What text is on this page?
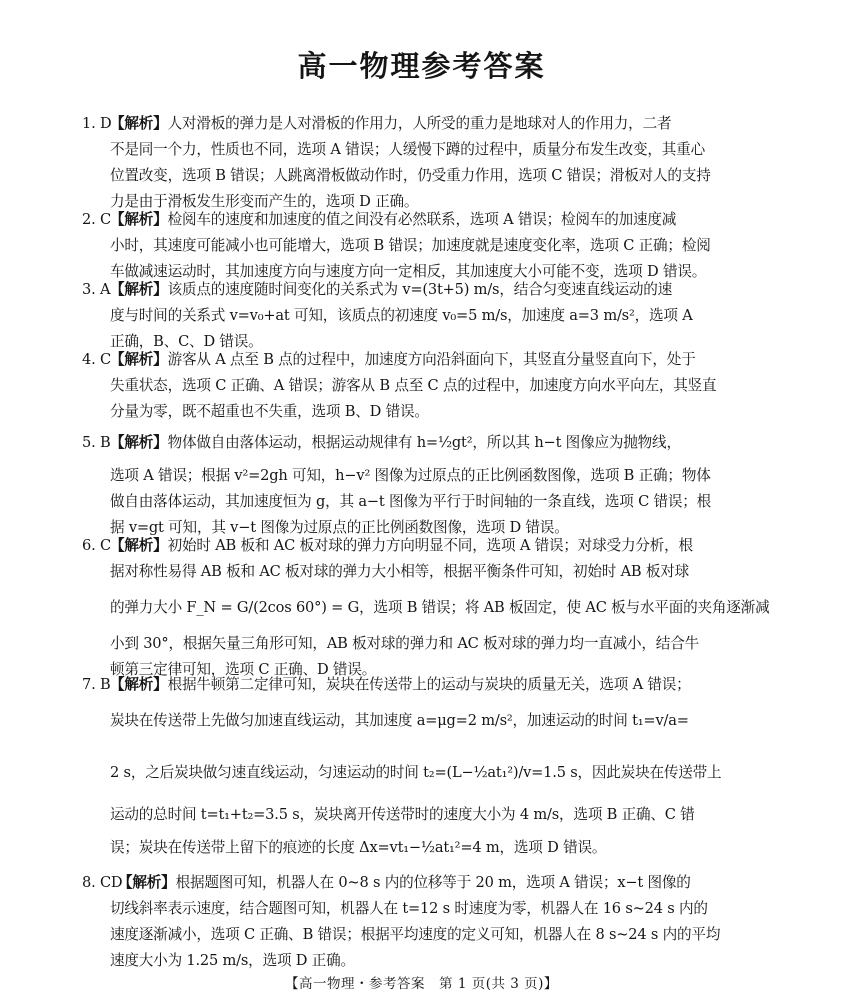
高一物理参考答案
1. D
【解析】人对滑板的弹力是人对滑板的作用力，人所受的重力是地球对人的作用力，二者
不是同一个力，性质也不同，选项 A 错误；人缓慢下蹲的过程中，质量分布发生改变，其重心
位置改变，选项 B 错误；人跳离滑板做动作时，仍受重力作用，选项 C 错误；滑板对人的支持
力是由于滑板发生形变而产生的，选项 D 正确。
2. C 【解析】检阅车的速度和加速度的值之间没有必然联系，选项 A 错误；检阅车的加速度减
小时，其速度可能减小也可能增大，选项 B 错误；加速度就是速度变化率，选项 C 正确；检阅
车做减速运动时，其加速度方向与速度方向一定相反，其加速度大小可能不变，选项 D 错误。
3. A 【解析】该质点的速度随时间变化的关系式为 v=(3t+5) m/s，结合匀变速直线运动的速
度与时间的关系式 v=v₀+at 可知，该质点的初速度 v₀=5 m/s，加速度 a=3 m/s²，选项 A
正确，B、C、D 错误。
4. C 【解析】游客从 A 点至 B 点的过程中，加速度方向沿斜面向下，其竖直分量竖直向下，处于
失重状态，选项 C 正确、A 错误；游客从 B 点至 C 点的过程中，加速度方向水平向左，其竖直
分量为零，既不超重也不失重，选项 B、D 错误。
5. B 【解析】物体做自由落体运动，根据运动规律有 h=½gt²，所以其 h−t 图像应为抛物线，
选项 A 错误；根据 v²=2gh 可知，h−v² 图像为过原点的正比例函数图像，选项 B 正确；物体
做自由落体运动，其加速度恒为 g，其 a−t 图像为平行于时间轴的一条直线，选项 C 错误；根
据 v=gt 可知，其 v−t 图像为过原点的正比例函数图像，选项 D 错误。
6. C 【解析】初始时 AB 板和 AC 板对球的弹力方向明显不同，选项 A 错误；对球受力分析，根
据对称性易得 AB 板和 AC 板对球的弹力大小相等，根据平衡条件可知，初始时 AB 板对球
的弹力大小 F_N = G/(2cos 60°) = G，选项 B 错误；将 AB 板固定，使 AC 板与水平面的夹角逐渐减
小到 30°，根据矢量三角形可知，AB 板对球的弹力和 AC 板对球的弹力均一直减小，结合牛
顿第三定律可知，选项 C 正确、D 错误。
7. B 【解析】根据牛顿第二定律可知，炭块在传送带上的运动与炭块的质量无关，选项 A 错误；
炭块在传送带上先做匀加速直线运动，其加速度 a=μg=2 m/s²，加速运动的时间 t₁=v/a=
2 s，之后炭块做匀速直线运动，匀速运动的时间 t₂=(L−½at₁²)/v=1.5 s，因此炭块在传送带上
运动的总时间 t=t₁+t₂=3.5 s，炭块离开传送带时的速度大小为 4 m/s，选项 B 正确、C 错
误；炭块在传送带上留下的痕迹的长度 Δx=vt₁−½at₁²=4 m，选项 D 错误。
8. CD
【解析】根据题图可知，机器人在 0~8 s 内的位移等于 20 m，选项 A 错误；x−t 图像的
切线斜率表示速度，结合题图可知，机器人在 t=12 s 时速度为零，机器人在 16 s~24 s 内的
速度逐渐减小，选项 C 正确、B 错误；根据平均速度的定义可知，机器人在 8 s~24 s 内的平均
速度大小为 1.25 m/s，选项 D 正确。
【高一物理・参考答案　第 1 页(共 3 页)】
